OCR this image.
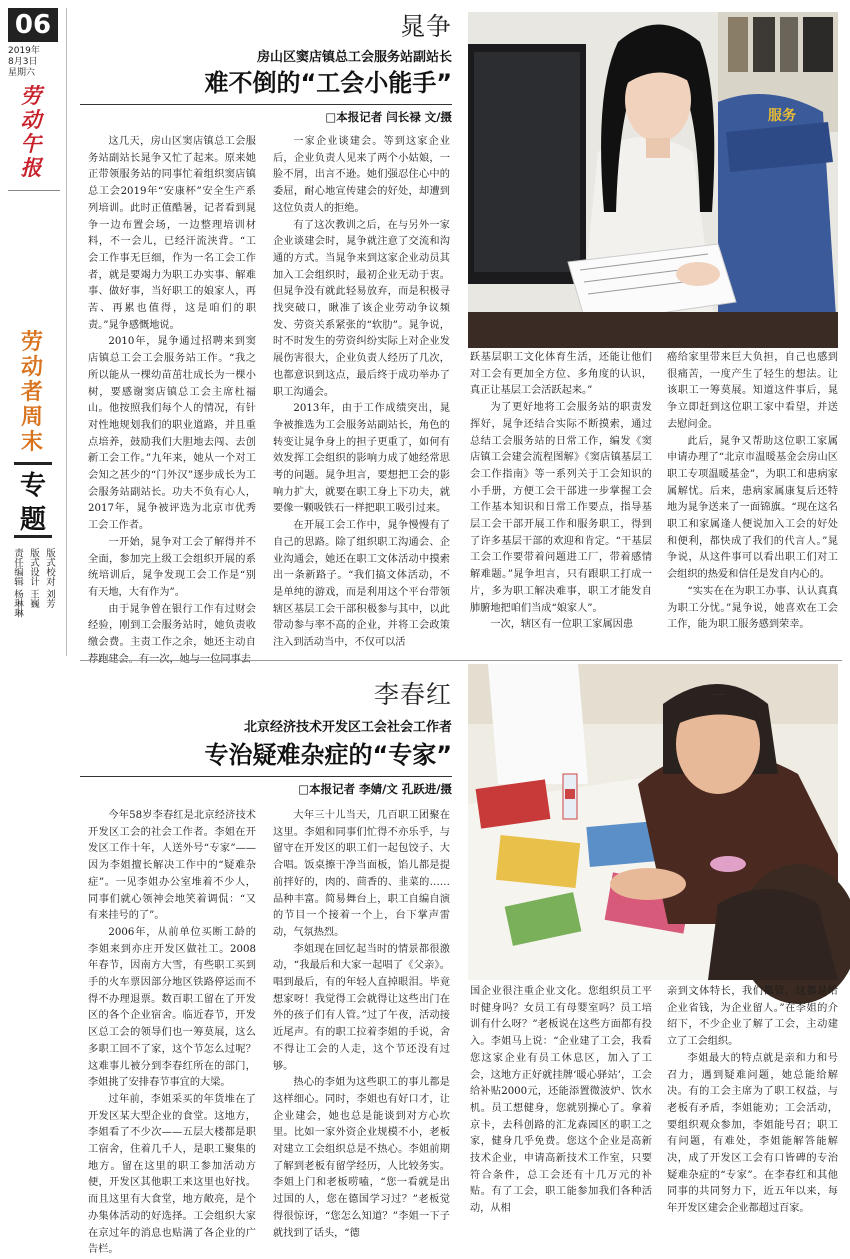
06
2019年
8月3日
星期六
劳动午报
劳动者周末
专题
责任编辑 杨琳琳 版式设计 王巍 版式校对 刘芳
晁争
房山区窦店镇总工会服务站副站长
难不倒的“工会小能手”
□本报记者 闫长禄 文/摄

这几天，房山区窦店镇总工会服务站副站长晁争又忙了起来。原来她正带领服务站的同事忙着组织窦店镇总工会2019年“安康杯”安全生产系列培训。此时正值酷暑，记者看到晁争一边布置会场，一边整理培训材料，不一会儿，已经汗流浃背。“工会工作事无巨细，作为一名工会工作者，就是要竭力为职工办实事、解难事、做好事，当好职工的娘家人，再苦、再累也值得，这是咱们的职责。”晁争感慨地说。

2010年，晁争通过招聘来到窦店镇总工会工会服务站工作。“我之所以能从一棵幼苗茁壮成长为一棵小树，要感谢窦店镇总工会主席杜福山。他按照我们每个人的情况，有针对性地规划我们的职业道路，并且重点培养，鼓励我们大胆地去闯、去创新工会工作。”九年来，她从一个对工会知之甚少的“门外汉”逐步成长为工会服务站副站长。功夫不负有心人，2017年，晁争被评选为北京市优秀工会工作者。

一开始，晁争对工会了解得并不全面，参加完上级工会组织开展的系统培训后，晁争发现工会工作是“别有天地，大有作为”。

由于晁争曾在银行工作有过财会经验，刚到工会服务站时，她负责收缴会费。主责工作之余，她还主动自

一家企业谈建会。等到这家企业后，企业负责人见来了两个小姑娘，一脸不屑，出言不逊。她们强忍住心中的委屈，耐心地宣传建会的好处，却遭到这位负责人的拒绝。

有了这次教训之后，在与另外一家企业谈建会时，晁争就注意了交流和沟通的方式。当晁争来到这家企业动员其加入工会组织时，最初企业无动于衷。但晁争没有就此轻易放弃，而是积极寻找突破口，瞅准了该企业劳动争议频发、劳资关系紧张的“软肋”。晁争说，时不时发生的劳资纠纷实际上对企业发展伤害很大，企业负责人经历了几次，也都意识到这点，最后终于成功举办了职工沟通会。

2013年，由于工作成绩突出，晁争被推选为工会服务站副站长，角色的转变让晁争身上的担子更重了，如何有效发挥工会组织的影响力成了她经常思考的问题。晁争坦言，要想把工会的影响力扩大，就要在职工身上下功夫，就要像一颗吸铁石一样把职工吸引过来。

在开展工会工作中，晁争慢慢有了自己的思路。除了组织职工沟通会、企业沟通会，她还在职工文体活动中摸索出一条新路子。“我们搞文体活动，不是单纯的游戏，而是利用这个平台带领辖区基层工会干部积极参与其中，以此带动参与率不高的企业，并将工会政策注入到活动当中，不仅可以活

服务

跃基层职工文化体育生活，还能让他们对工会有更加全方位、多角度的认识，真正让基层工会活跃起来。”

为了更好地将工会服务站的职责发挥好，晁争还结合实际不断摸索，通过总结工会服务站的日常工作，编发《窦店镇工会建会流程图解》《窦店镇基层工会工作指南》等一系列关于工会知识的小手册，方便工会干部进一步掌握工会工作基本知识和日常工作要点，指导基层工会干部开展工作和服务职工，得到了许多基层干部的欢迎和肯定。“干基层工会工作要带着问题进工厂，带着感情解难题。”晁争坦言，只有跟职工打成一片，多为职工解决难事，职工才能发自肺腑地把咱们当成“娘家人”。

一次，辖区有一位职工家属因患

癌给家里带来巨大负担，自己也感到很痛苦，一度产生了轻生的想法。让该职工一筹莫展。知道这件事后，晁争立即赶到这位职工家中看望，并送去慰问金。

此后，晁争又帮助这位职工家属申请办理了“北京市温暖基金会房山区职工专项温暖基金”，为职工和患病家属解忧。后来，患病家属康复后还特地为晁争送来了一面锦旗。“现在这名职工和家属逢人便说加入工会的好处和便利，都快成了我们的代言人。”晁争说，从这件事可以看出职工们对工会组织的热爱和信任是发自内心的。

“实实在在为职工办事、认认真真为职工分忧。”晁争说，她喜欢在工会工作，能为职工服务感到荣幸。

李春红
北京经济技术开发区工会社会工作者
专治疑难杂症的“专家”
□本报记者 李婧/文 孔跃进/摄

今年58岁李春红是北京经济技术开发区工会的社会工作者。李姐在开发区工作十年，人送外号“专家”——因为李姐擅长解决工作中的“疑难杂症”。一见李姐办公室堆着不少人，同事们就心领神会地笑着调侃：“又有来挂号的了”。

2006年，从前单位买断工龄的李姐来到亦庄开发区做社工。2008年春节，因南方大雪，有些职工买到手的火车票因部分地区铁路停运而不得不办理退票。数百职工留在了开发区的各个企业宿舍。临近春节，开发区总工会的领导们也一筹莫展，这么多职工回不了家，这个节怎么过呢？这难事儿被分到李春红所在的部门，李姐挑了安排春节事宜的大梁。

过年前，李姐采买的年货堆在了开发区某大型企业的食堂。这地方，李姐看了不少次——五层大楼都是职工宿舍，住着几千人，是职工聚集的地方。留在这里的职工参加活动方便，开发区其他职工来这里也好找。而且这里有大食堂，地方敞亮，是个办集体活动的好选择。工会组织大家在京过年的消息也贴满了各企业的广告栏。

大年三十儿当天，几百职工团聚在这里。李姐和同事们忙得不亦乐乎，与留守在开发区的职工们一起包饺子、大合唱。饭桌擦干净当面板，馅儿都是提前拌好的，肉的、茴香的、韭菜的……品种丰富。简易舞台上，职工自编自演的节目一个接着一个上，台下掌声雷动，气氛热烈。

李姐现在回忆起当时的情景都很激动，“我最后和大家一起唱了《父亲》。唱到最后，有的年轻人直掉眼泪。毕竟想家呀！我觉得工会就得让这些出门在外的孩子们有人管。”过了午夜，活动接近尾声。有的职工拉着李姐的手说，舍不得让工会的人走，这个节还没有过够。

热心的李姐为这些职工的事儿都是这样细心。同时，李姐也有好口才，让企业建会，她也总是能谈到对方心坎里。比如一家外资企业规模不小，老板对建立工会组织总是不热心。李姐前期了解到老板有留学经历，人比较务实。李姐上门和老板唠嗑，“您一看就是出过国的人，您在德国学习过？”老板觉得很惊讶，“您怎么知道？”李姐一下子就找到了话头，“德

国企业很注重企业文化。您组织员工平时健身吗？女员工有母婴室吗？员工培训有什么呀？”老板说在这些方面都有投入。李姐马上说：“企业建了工会，我看您这家企业有员工休息区，加入了工会，这地方正好就挂牌‘暖心驿站’，工会给补贴2000元，还能添置微波炉、饮水机。员工想健身，您就别操心了。拿着京卡，去科创路的汇龙森园区的职工之家，健身几乎免费。您这个企业是高新技术企业，申请高新技术工作室，只要符合条件，总工会还有十几万元的补贴。有了工会，职工能参加我们各种活动，从相

亲到文体特长，我们都管，这都是给企业省钱，为企业留人。”在李姐的介绍下，不少企业了解了工会，主动建立了工会组织。

李姐最大的特点就是亲和力和号召力，遇到疑难问题，她总能给解决。有的工会主席为了职工权益，与老板有矛盾，李姐能劝；工会活动，要组织观众参加，李姐能号召；职工有问题，有难处，李姐能解答能解决，成了开发区工会有口皆碑的专治疑难杂症的“专家”。在李春红和其他同事的共同努力下，近五年以来，每年开发区建会企业都超过百家。
